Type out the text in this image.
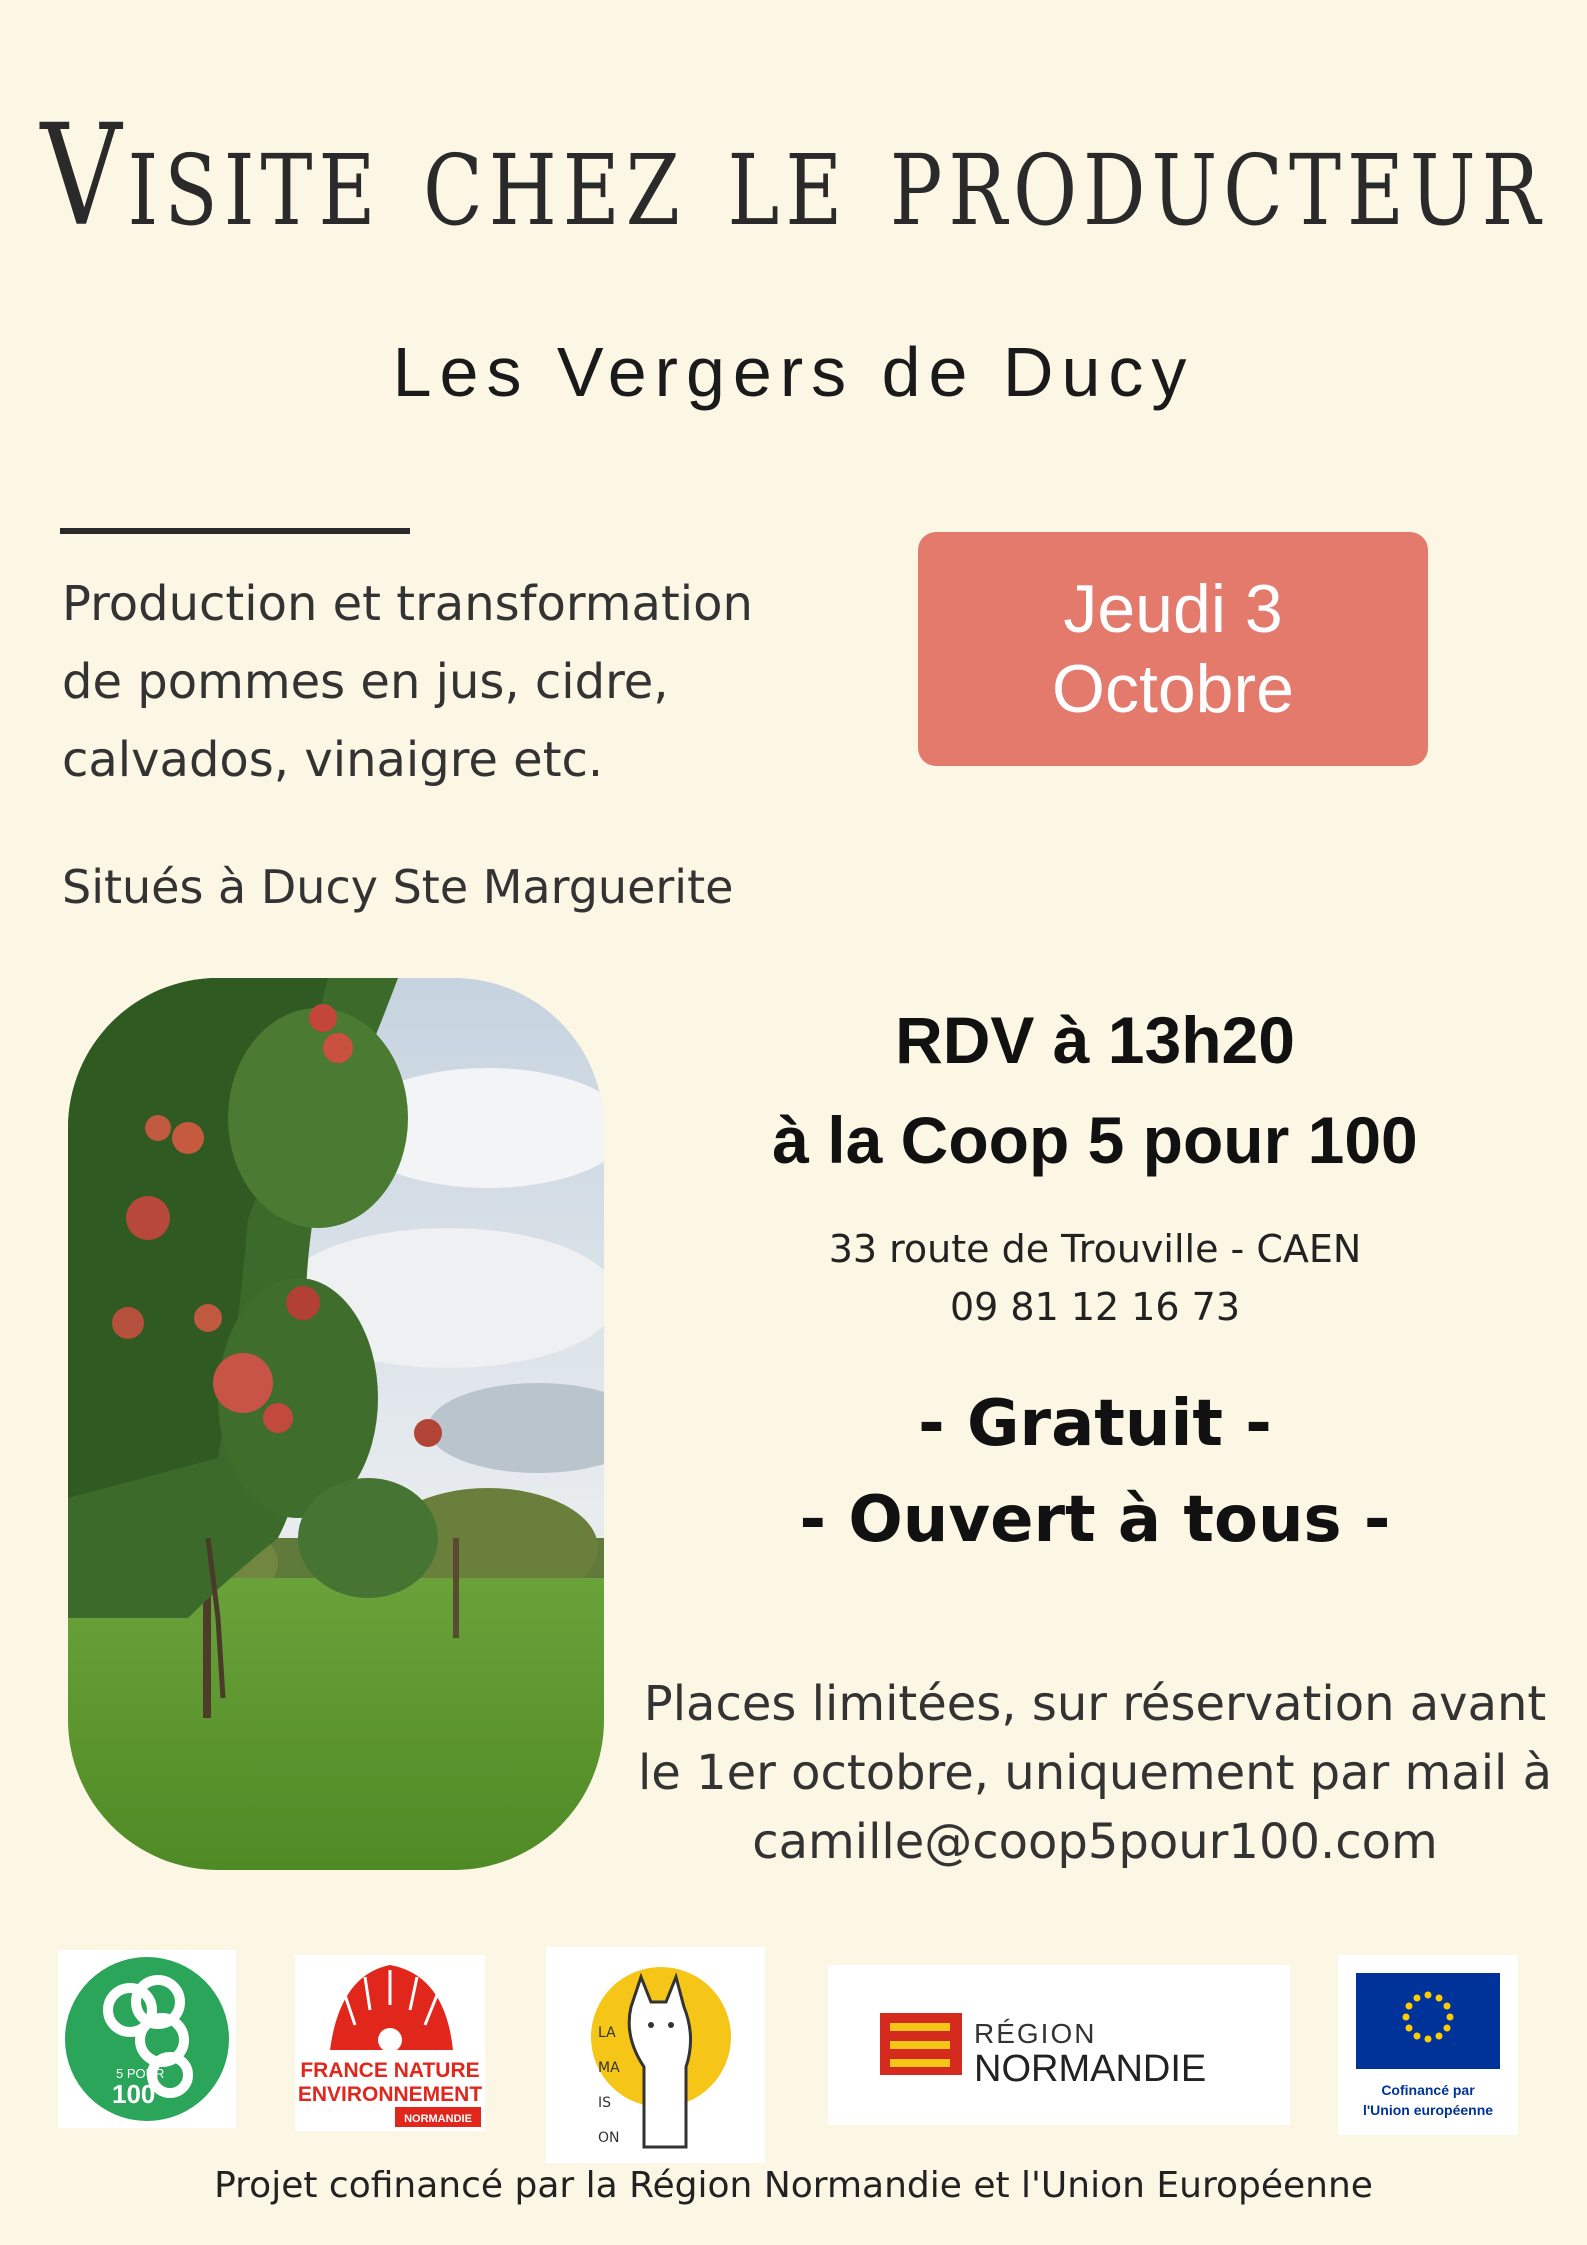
Visite chez le producteur
Les Vergers de Ducy
Production et transformation
de pommes en jus, cidre,
calvados, vinaigre etc.
Situés à Ducy Ste Marguerite
Jeudi 3
Octobre
RDV à 13h20
à la Coop 5 pour 100
33 route de Trouville - CAEN
09 81 12 16 73
- Gratuit -
- Ouvert à tous -
Places limitées, sur réservation avant
le 1er octobre, uniquement par mail à
camille@coop5pour100.com
5 POUR
100
FRANCE NATURE
ENVIRONNEMENT
NORMANDIE
LA
MA
IS
ON
RÉGION
NORMANDIE	Cofinancé par
l'Union européenne
Projet cofinancé par la Région Normandie et l'Union Européenne
